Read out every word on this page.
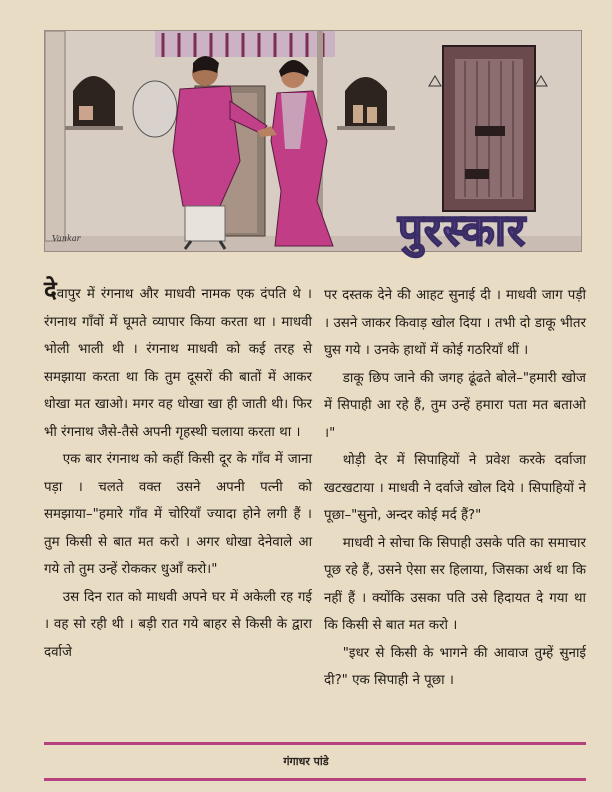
पुरस्कार
Vankar

देवापुर में रंगनाथ और माधवी नामक एक दंपति थे । रंगनाथ गाँवों में घूमते व्यापार किया करता था । माधवी भोली भाली थी । रंगनाथ माधवी को कई तरह से समझाया करता था कि तुम दूसरों की बातों में आकर धोखा मत खाओ। मगर वह धोखा खा ही जाती थी। फिर भी रंगनाथ जैसे-तैसे अपनी गृहस्थी चलाया करता था ।

एक बार रंगनाथ को कहीं किसी दूर के गाँव में जाना पड़ा । चलते वक्त उसने अपनी पत्नी को समझाया–"हमारे गाँव में चोरियाँ ज्यादा होने लगी हैं । तुम किसी से बात मत करो । अगर धोखा देनेवाले आ गये तो तुम उन्हें रोककर धुआँ करो।"

उस दिन रात को माधवी अपने घर में अकेली रह गई । वह सो रही थी । बड़ी रात गये बाहर से किसी के द्वारा दर्वाजे

पर दस्तक देने की आहट सुनाई दी । माधवी जाग पड़ी । उसने जाकर किवाड़ खोल दिया । तभी दो डाकू भीतर घुस गये । उनके हाथों में कोई गठरियाँ थीं ।

डाकू छिप जाने की जगह ढूंढते बोले–"हमारी खोज में सिपाही आ रहे हैं, तुम उन्हें हमारा पता मत बताओ ।"

थोड़ी देर में सिपाहियों ने प्रवेश करके दर्वाजा खटखटाया । माधवी ने दर्वाजे खोल दिये । सिपाहियों ने पूछा–"सुनो, अन्दर कोई मर्द हैं?"

माधवी ने सोचा कि सिपाही उसके पति का समाचार पूछ रहे हैं, उसने ऐसा सर हिलाया, जिसका अर्थ था कि नहीं हैं । क्योंकि उसका पति उसे हिदायत दे गया था कि किसी से बात मत करो ।

"इधर से किसी के भागने की आवाज तुम्हें सुनाई दी?" एक सिपाही ने पूछा ।

गंगाधर पांडे
